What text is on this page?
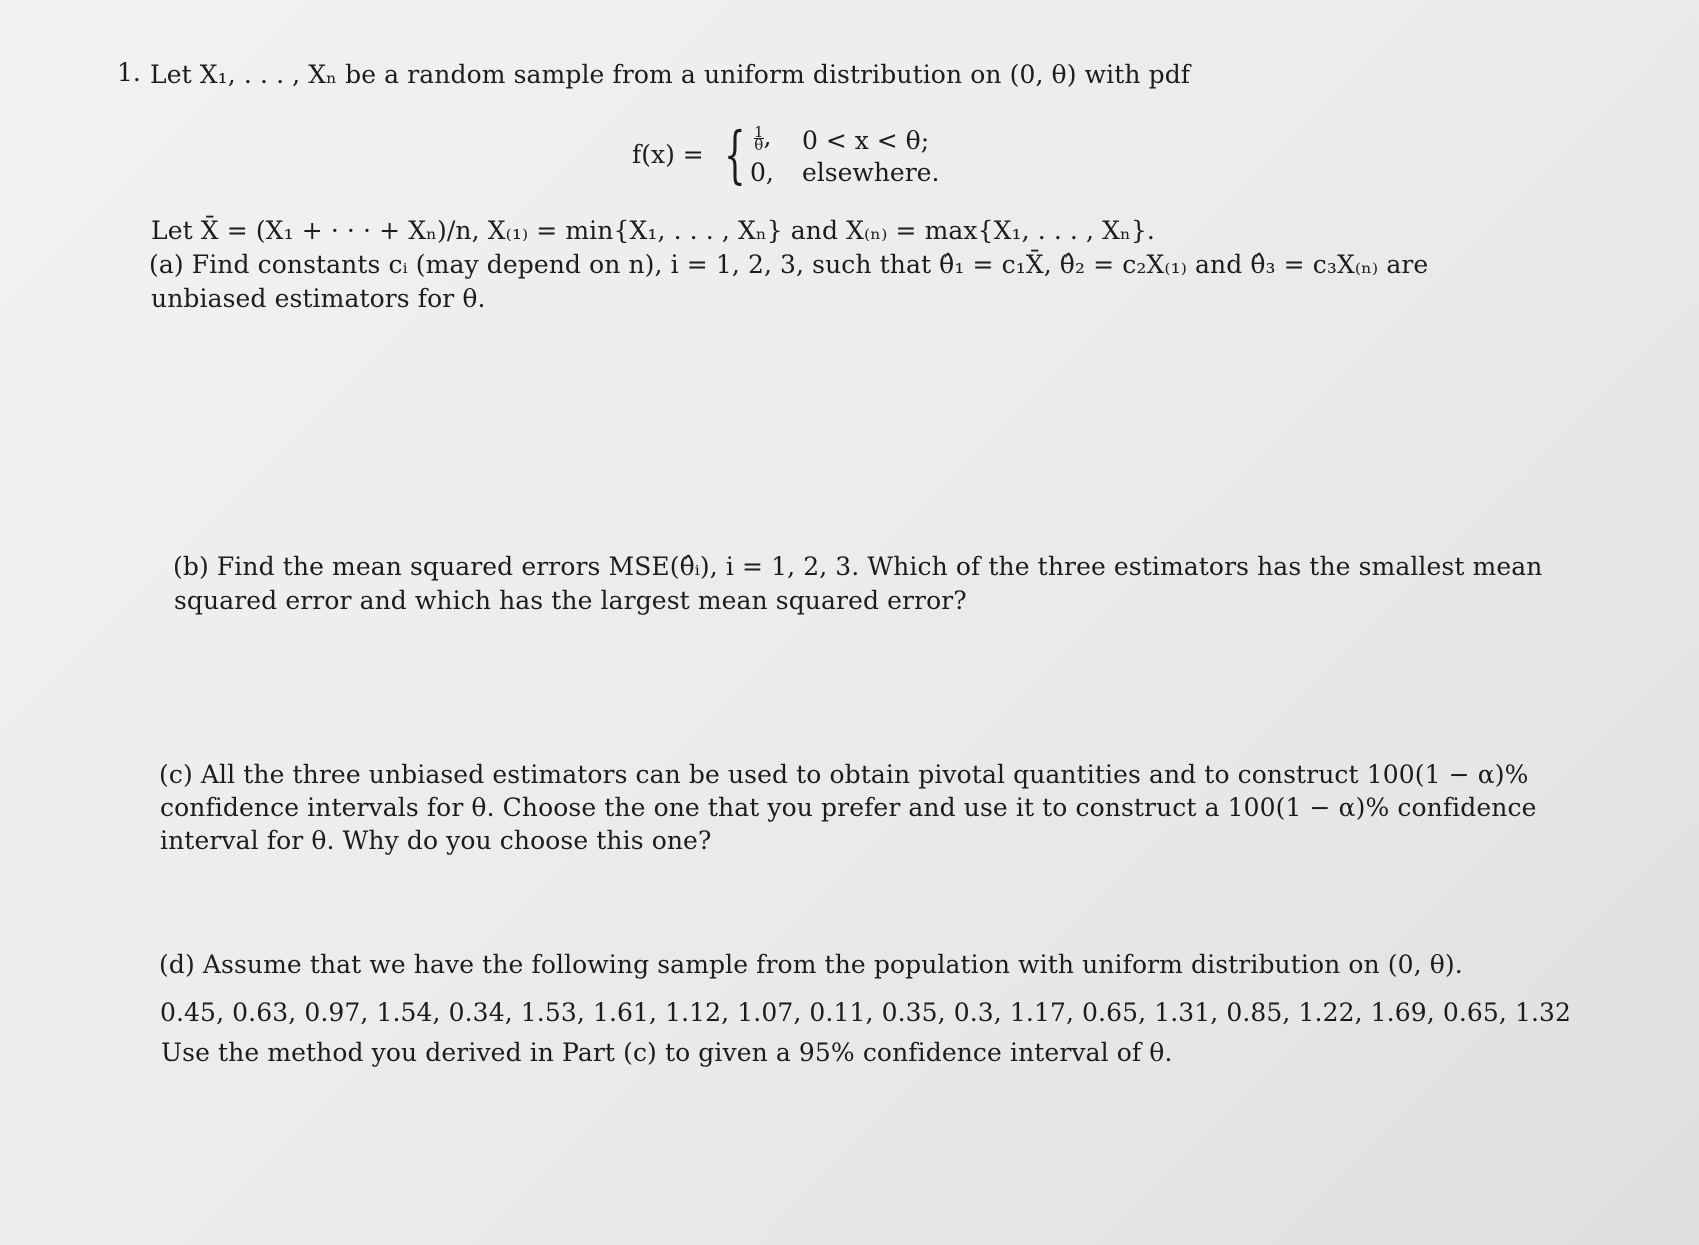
1. Let X₁, . . . , Xₙ be a random sample from a uniform distribution on (0, θ) with pdf
f(x) = { $\frac{1}{\theta}$ , 0 < x < θ;
0, elsewhere.
Let X̄ = (X₁ + · · · + Xₙ)/n, X₍₁₎ = min{X₁, . . . , Xₙ} and X₍ₙ₎ = max{X₁, . . . , Xₙ}.
(a) Find constants cᵢ (may depend on n), i = 1, 2, 3, such that θ̂₁ = c₁X̄, θ̂₂ = c₂X₍₁₎ and θ̂₃ = c₃X₍ₙ₎ are
unbiased estimators for θ.
(b) Find the mean squared errors MSE(θ̂ᵢ), i = 1, 2, 3. Which of the three estimators has the smallest mean
squared error and which has the largest mean squared error?
(c) All the three unbiased estimators can be used to obtain pivotal quantities and to construct 100(1 − α)%
confidence intervals for θ. Choose the one that you prefer and use it to construct a 100(1 − α)% confidence
interval for θ. Why do you choose this one?
(d) Assume that we have the following sample from the population with uniform distribution on (0, θ).
0.45, 0.63, 0.97, 1.54, 0.34, 1.53, 1.61, 1.12, 1.07, 0.11, 0.35, 0.3, 1.17, 0.65, 1.31, 0.85, 1.22, 1.69, 0.65, 1.32
Use the method you derived in Part (c) to given a 95% confidence interval of θ.
